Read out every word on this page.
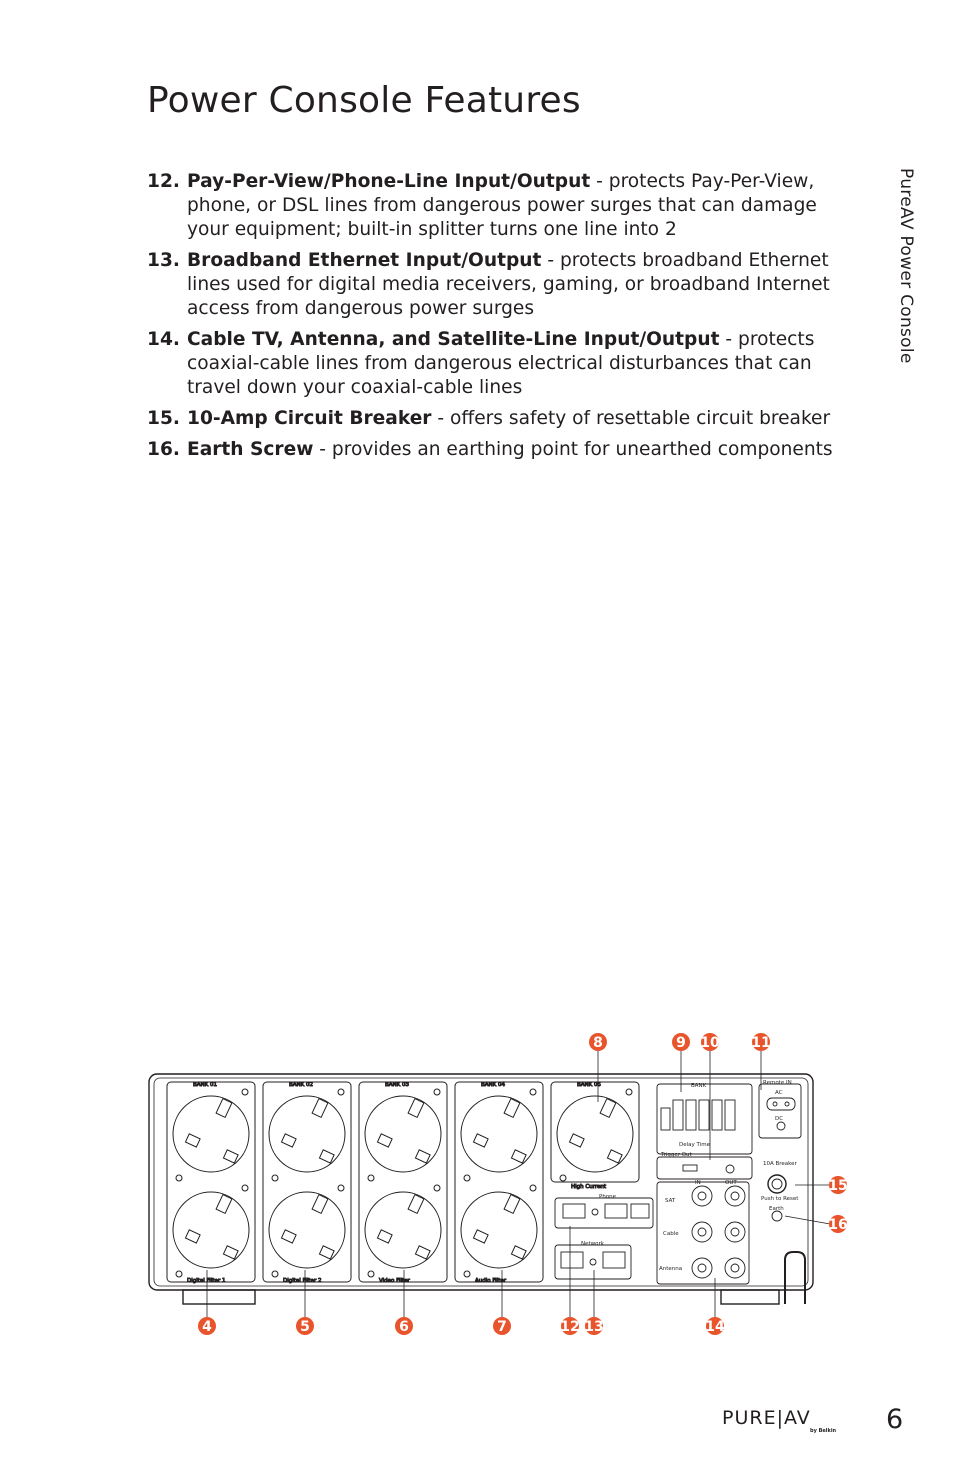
Power Console Features
12. Pay-Per-View/Phone-Line Input/Output - protects Pay-Per-View, phone, or DSL lines from dangerous power surges that can damage your equipment; built-in splitter turns one line into 2
13. Broadband Ethernet Input/Output - protects broadband Ethernet lines used for digital media receivers, gaming, or broadband Internet access from dangerous power surges
14. Cable TV, Antenna, and Satellite-Line Input/Output - protects coaxial-cable lines from dangerous electrical disturbances that can travel down your coaxial-cable lines
15. 10-Amp Circuit Breaker - offers safety of resettable circuit breaker
16. Earth Screw - provides an earthing point for unearthed components
PureAV Power Console
BANK 01
Digital Filter 1
BANK 02
Digital Filter 2
BANK 03
Video Filter
BANK 04
Audio Filter
BANK 05
High Current
BANK
Delay Time
Trigger Out
Remote IN
AC
DC
10A Breaker
Push to Reset
Earth
Phone
Network
IN	OUT
SAT
Cable
Antenna
8	9 10 11
15
16
4	5	6	7	12 13	14
PURE|AV
by Belkin 6
